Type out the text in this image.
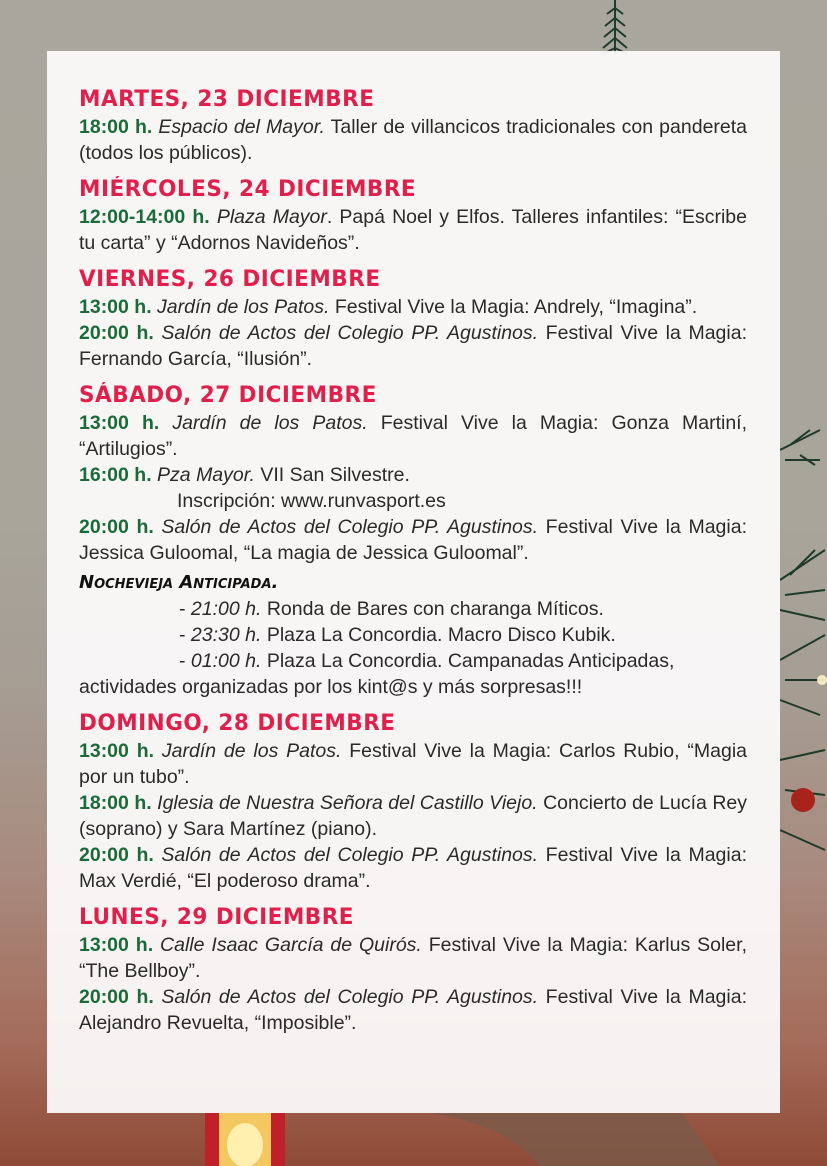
MARTES, 23 DICIEMBRE

18:00 h. Espacio del Mayor. Taller de villancicos tradicionales con pandereta (todos los públicos).

MIÉRCOLES, 24 DICIEMBRE

12:00-14:00 h. Plaza Mayor. Papá Noel y Elfos. Talleres infantiles: “Escribe tu carta” y “Adornos Navideños”.

VIERNES, 26 DICIEMBRE

13:00 h. Jardín de los Patos. Festival Vive la Magia: Andrely, “Imagina”.

20:00 h. Salón de Actos del Colegio PP. Agustinos. Festival Vive la Magia: Fernando García, “Ilusión”.

SÁBADO, 27 DICIEMBRE

13:00 h. Jardín de los Patos. Festival Vive la Magia: Gonza Martiní, “Artilugios”.

16:00 h. Pza Mayor. VII San Silvestre.

Inscripción: www.runvasport.es

20:00 h. Salón de Actos del Colegio PP. Agustinos. Festival Vive la Magia: Jessica Guloomal, “La magia de Jessica Guloomal”.

Nochevieja Anticipada.

- 21:00 h. Ronda de Bares con charanga Míticos.

- 23:30 h. Plaza La Concordia. Macro Disco Kubik.

- 01:00 h. Plaza La Concordia. Campanadas Anticipadas,

actividades organizadas por los kint@s y más sorpresas!!!

DOMINGO, 28 DICIEMBRE

13:00 h. Jardín de los Patos. Festival Vive la Magia: Carlos Rubio, “Magia por un tubo”.

18:00 h. Iglesia de Nuestra Señora del Castillo Viejo. Concierto de Lucía Rey (soprano) y Sara Martínez (piano).

20:00 h. Salón de Actos del Colegio PP. Agustinos. Festival Vive la Magia: Max Verdié, “El poderoso drama”.

LUNES, 29 DICIEMBRE

13:00 h. Calle Isaac García de Quirós. Festival Vive la Magia: Karlus Soler, “The Bellboy”.

20:00 h. Salón de Actos del Colegio PP. Agustinos. Festival Vive la Magia: Alejandro Revuelta, “Imposible”.
